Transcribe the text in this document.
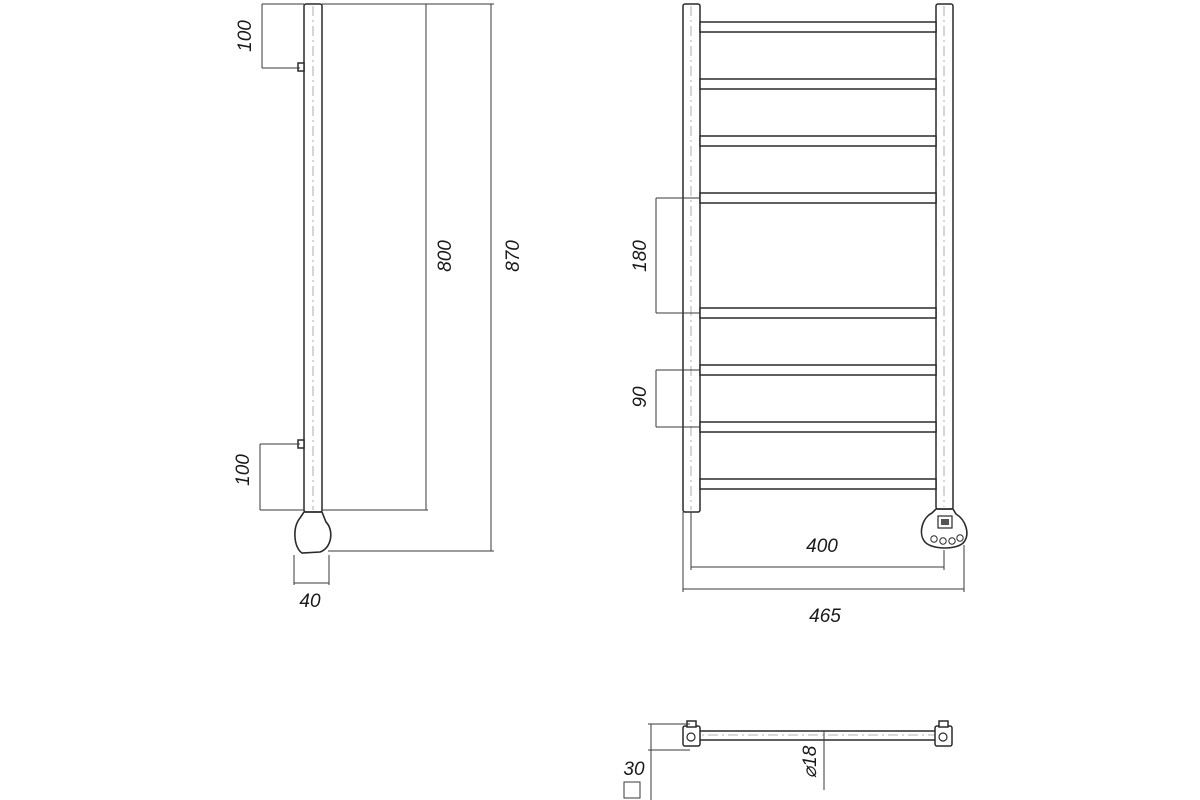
100
100
800 870
40
180
90
400
465
30	⌀18
